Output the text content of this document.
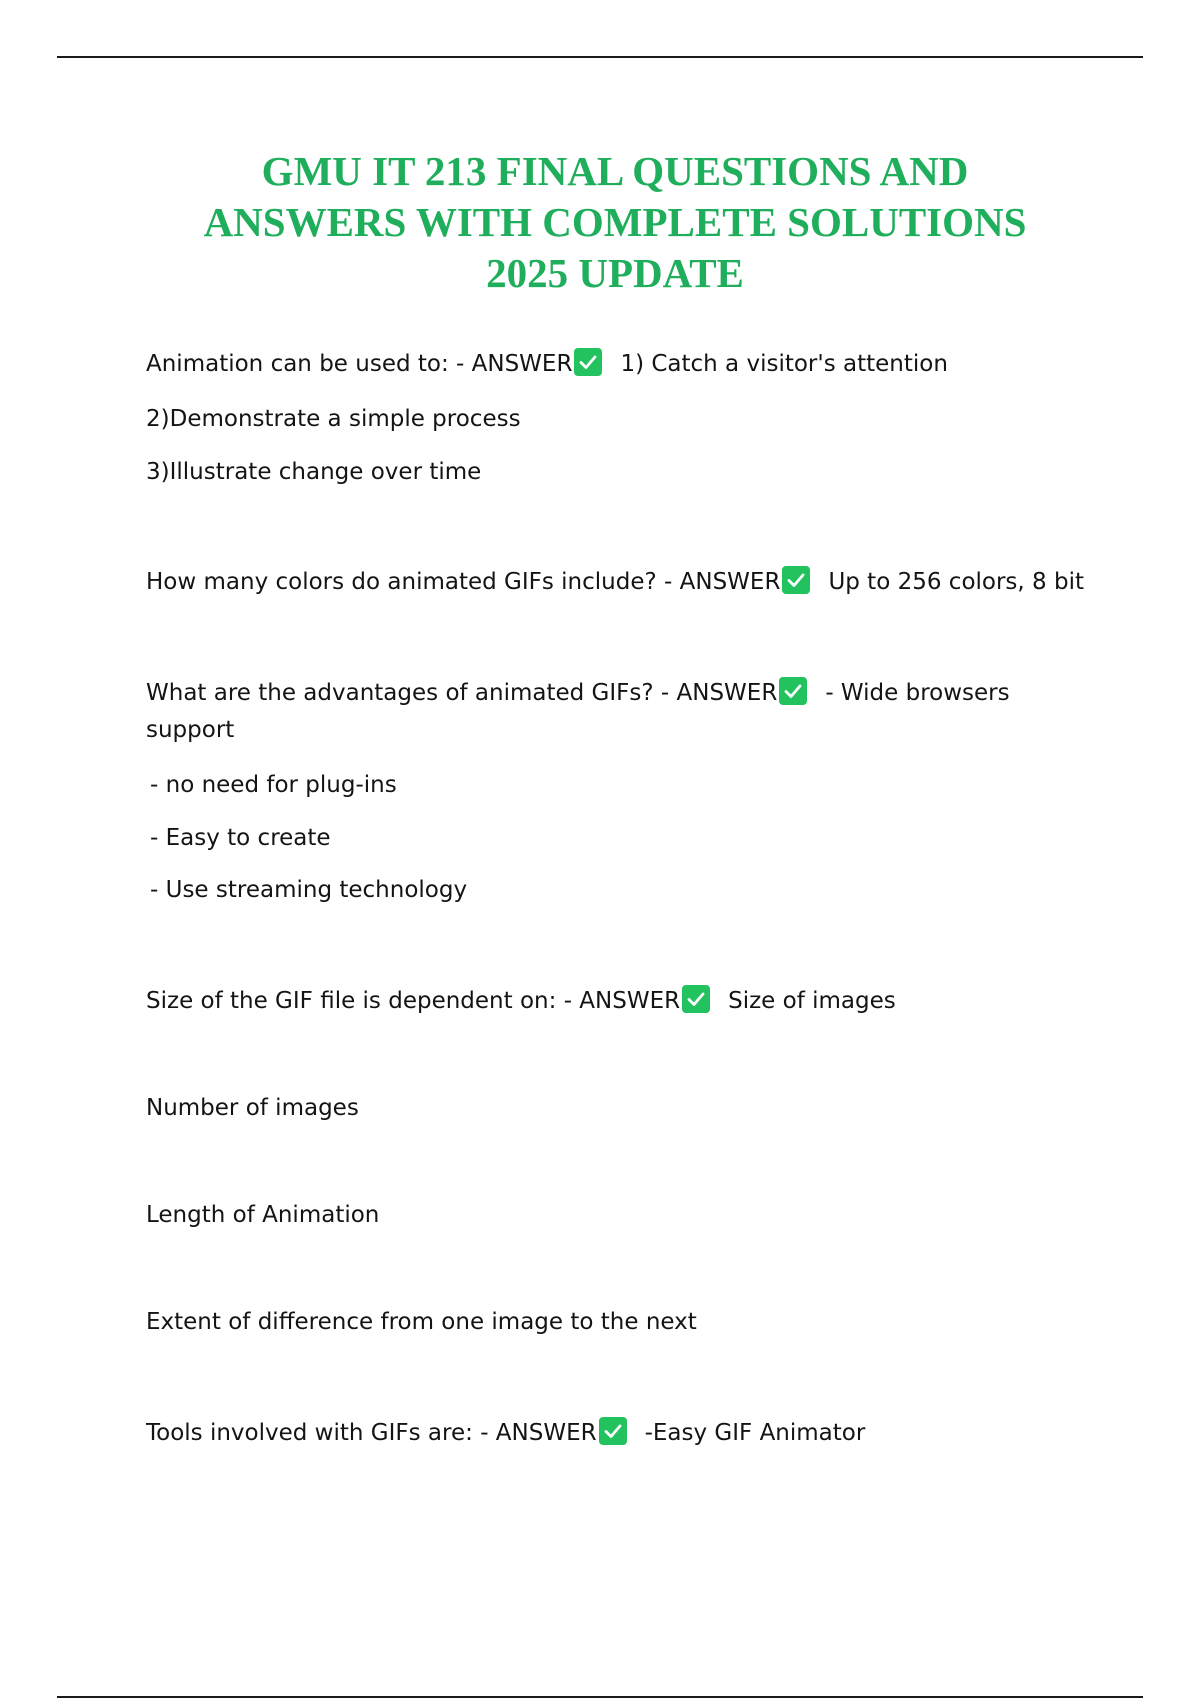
GMU IT 213 FINAL QUESTIONS AND
ANSWERS WITH COMPLETE SOLUTIONS
2025 UPDATE

Animation can be used to: - ANSWER 1) Catch a visitor's attention

2)Demonstrate a simple process

3)Illustrate change over time

How many colors do animated GIFs include? - ANSWER Up to 256 colors, 8 bit

What are the advantages of animated GIFs? - ANSWER - Wide browsers

support

- no need for plug-ins

- Easy to create

- Use streaming technology

Size of the GIF file is dependent on: - ANSWER Size of images

Number of images

Length of Animation

Extent of difference from one image to the next

Tools involved with GIFs are: - ANSWER -Easy GIF Animator
